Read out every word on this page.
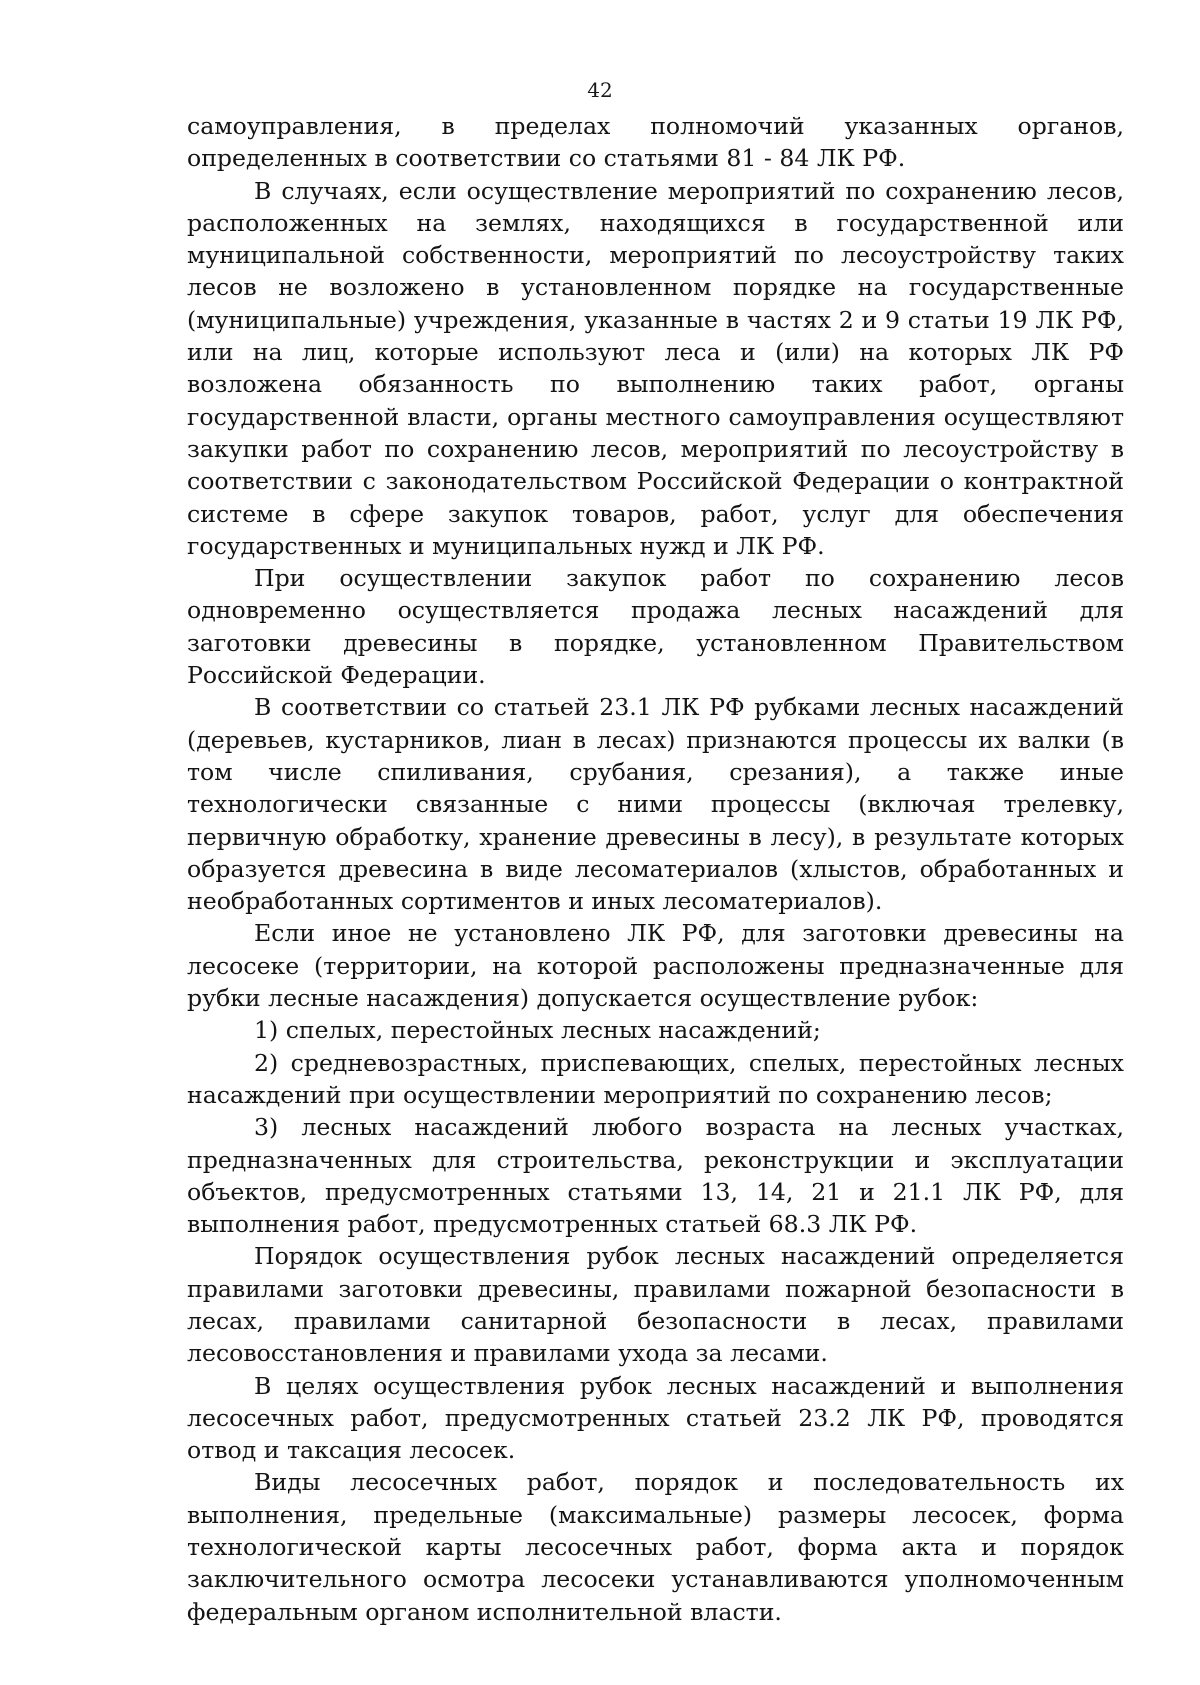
42

самоуправления, в пределах полномочий указанных органов, определенных в соответствии со статьями 81 - 84 ЛК РФ.

В случаях, если осуществление мероприятий по сохранению лесов, расположенных на землях, находящихся в государственной или муниципальной собственности, мероприятий по лесоустройству таких лесов не возложено в установленном порядке на государственные (муниципальные) учреждения, указанные в частях 2 и 9 статьи 19 ЛК РФ, или на лиц, которые используют леса и (или) на которых ЛК РФ возложена обязанность по выполнению таких работ, органы государственной власти, органы местного самоуправления осуществляют закупки работ по сохранению лесов, мероприятий по лесоустройству в соответствии с законодательством Российской Федерации о контрактной системе в сфере закупок товаров, работ, услуг для обеспечения государственных и муниципальных нужд и ЛК РФ.

При осуществлении закупок работ по сохранению лесов одновременно осуществляется продажа лесных насаждений для заготовки древесины в порядке, установленном Правительством Российской Федерации.

В соответствии со статьей 23.1 ЛК РФ рубками лесных насаждений (деревьев, кустарников, лиан в лесах) признаются процессы их валки (в том числе спиливания, срубания, срезания), а также иные технологически связанные с ними процессы (включая трелевку, первичную обработку, хранение древесины в лесу), в результате которых образуется древесина в виде лесоматериалов (хлыстов, обработанных и необработанных сортиментов и иных лесоматериалов).

Если иное не установлено ЛК РФ, для заготовки древесины на лесосеке (территории, на которой расположены предназначенные для рубки лесные насаждения) допускается осуществление рубок:

1) спелых, перестойных лесных насаждений;

2) средневозрастных, приспевающих, спелых, перестойных лесных насаждений при осуществлении мероприятий по сохранению лесов;

3) лесных насаждений любого возраста на лесных участках, предназначенных для строительства, реконструкции и эксплуатации объектов, предусмотренных статьями 13, 14, 21 и 21.1 ЛК РФ, для выполнения работ, предусмотренных статьей 68.3 ЛК РФ.

Порядок осуществления рубок лесных насаждений определяется правилами заготовки древесины, правилами пожарной безопасности в лесах, правилами санитарной безопасности в лесах, правилами лесовосстановления и правилами ухода за лесами.

В целях осуществления рубок лесных насаждений и выполнения лесосечных работ, предусмотренных статьей 23.2 ЛК РФ, проводятся отвод и таксация лесосек.

Виды лесосечных работ, порядок и последовательность их выполнения, предельные (максимальные) размеры лесосек, форма технологической карты лесосечных работ, форма акта и порядок заключительного осмотра лесосеки устанавливаются уполномоченным федеральным органом исполнительной власти.
